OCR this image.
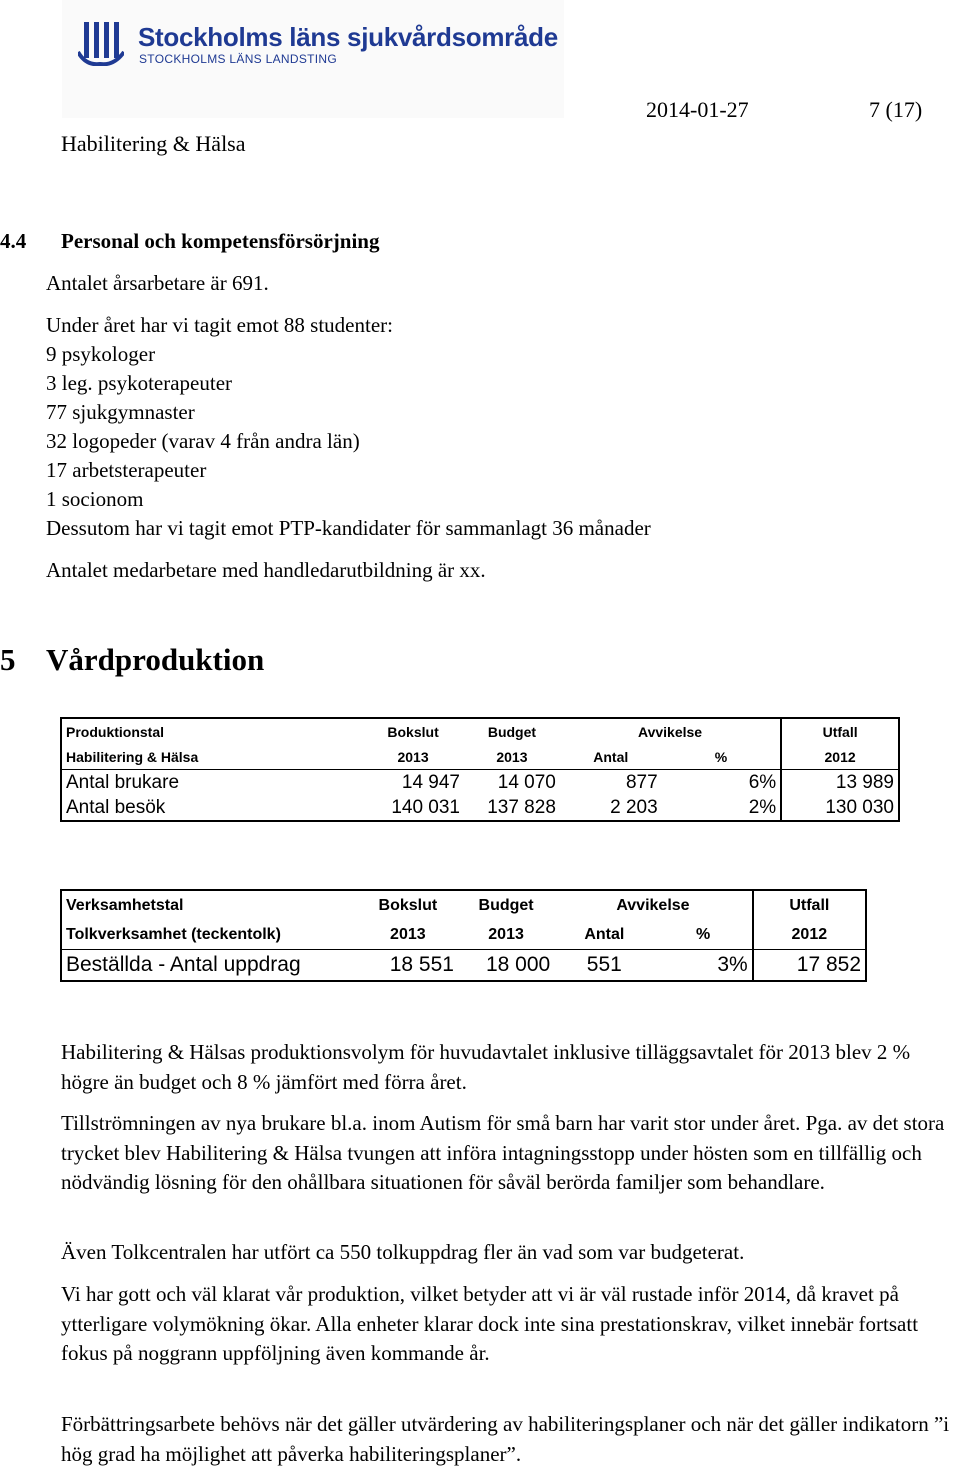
Stockholms läns sjukvårdsområde
STOCKHOLMS LÄNS LANDSTING
2014-01-27	7 (17)
Habilitering & Hälsa
4.4 Personal och kompetensförsörjning
Antalet årsarbetare är 691.
Under året har vi tagit emot 88 studenter:
9 psykologer
3 leg. psykoterapeuter
77 sjukgymnaster
32 logopeder (varav 4 från andra län)
17 arbetsterapeuter
1 socionom
Dessutom har vi tagit emot PTP-kandidater för sammanlagt 36 månader
Antalet medarbetare med handledarutbildning är xx.
5 Vårdproduktion
Produktionstal	Bokslut	Budget	Avvikelse		Utfall
Habilitering & Hälsa	2013	2013	Antal	%	2012
Antal brukare	14 947	14 070	877	6%	13 989
Antal besök	140 031	137 828	2 203	2%	130 030
Verksamhetstal	Bokslut	Budget	Avvikelse		Utfall
Tolkverksamhet (teckentolk)	2013	2013	Antal	%	2012
Beställda - Antal uppdrag	18 551	18 000	551	3%	17 852
Habilitering & Hälsas produktionsvolym för huvudavtalet inklusive tilläggsavtalet för 2013 blev 2 % högre än budget och 8 % jämfört med förra året.
Tillströmningen av nya brukare bl.a. inom Autism för små barn har varit stor under året. Pga. av det stora trycket blev Habilitering & Hälsa tvungen att införa intagningsstopp under hösten som en tillfällig och nödvändig lösning för den ohållbara situationen för såväl berörda familjer som behandlare.
Även Tolkcentralen har utfört ca 550 tolkuppdrag fler än vad som var budgeterat.
Vi har gott och väl klarat vår produktion, vilket betyder att vi är väl rustade inför 2014, då kravet på ytterligare volymökning ökar. Alla enheter klarar dock inte sina prestationskrav, vilket innebär fortsatt fokus på noggrann uppföljning även kommande år.
Förbättringsarbete behövs när det gäller utvärdering av habiliteringsplaner och när det gäller indikatorn ”i hög grad ha möjlighet att påverka habiliteringsplaner”.
